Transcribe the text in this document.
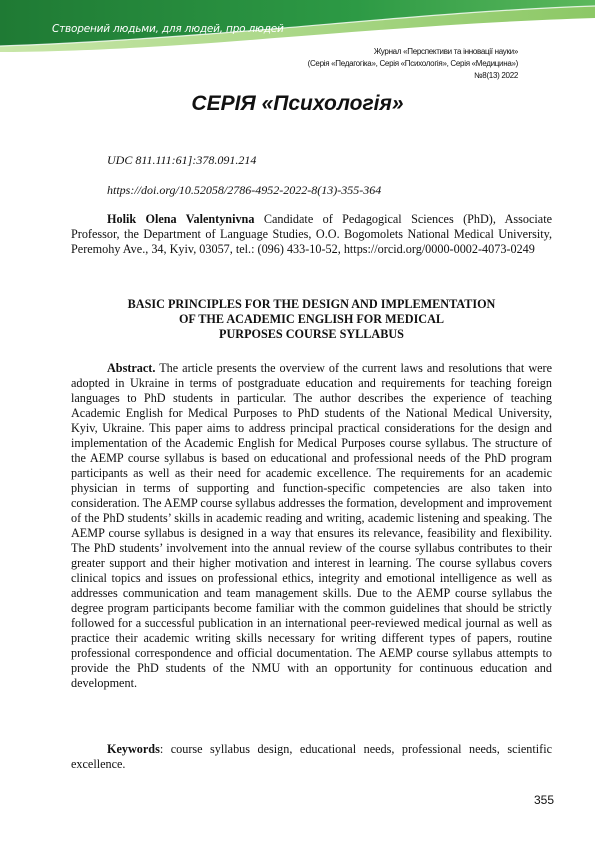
Створений людьми, для людей, про людей
Журнал «Перспективи та інновації науки»
(Серія «Педагогіка», Серія «Психологія», Серія «Медицина»)
№8(13) 2022
СЕРІЯ «Психологія»
UDC 811.111:61]:378.091.214
https://doi.org/10.52058/2786-4952-2022-8(13)-355-364
Holik Olena Valentynivna Candidate of Pedagogical Sciences (PhD), Associate Professor, the Department of Language Studies, O.O. Bogomolets National Medical University, Peremohy Ave., 34, Kyiv, 03057, tel.: (096) 433-10-52, https://orcid.org/0000-0002-4073-0249
BASIC PRINCIPLES FOR THE DESIGN AND IMPLEMENTATION
OF THE ACADEMIC ENGLISH FOR MEDICAL
PURPOSES COURSE SYLLABUS
Abstract. The article presents the overview of the current laws and resolutions that were adopted in Ukraine in terms of postgraduate education and requirements for teaching foreign languages to PhD students in particular. The author describes the experience of teaching Academic English for Medical Purposes to PhD students of the National Medical University, Kyiv, Ukraine. This paper aims to address principal practical considerations for the design and implementation of the Academic English for Medical Purposes course syllabus. The structure of the AEMP course syllabus is based on educational and professional needs of the PhD program participants as well as their need for academic excellence. The requirements for an academic physician in terms of supporting and function-specific competencies are also taken into consideration. The AEMP course syllabus addresses the formation, development and improvement of the PhD students’ skills in academic reading and writing, academic listening and speaking. The AEMP course syllabus is designed in a way that ensures its relevance, feasibility and flexibility. The PhD students’ involvement into the annual review of the course syllabus contributes to their greater support and their higher motivation and interest in learning. The course syllabus covers clinical topics and issues on professional ethics, integrity and emotional intelligence as well as addresses communication and team management skills. Due to the AEMP course syllabus the degree program participants become familiar with the common guidelines that should be strictly followed for a successful publication in an international peer-reviewed medical journal as well as practice their academic writing skills necessary for writing different types of papers, routine professional correspondence and official documentation. The AEMP course syllabus attempts to provide the PhD students of the NMU with an opportunity for continuous education and development.
Keywords: course syllabus design, educational needs, professional needs, scientific excellence.
355
